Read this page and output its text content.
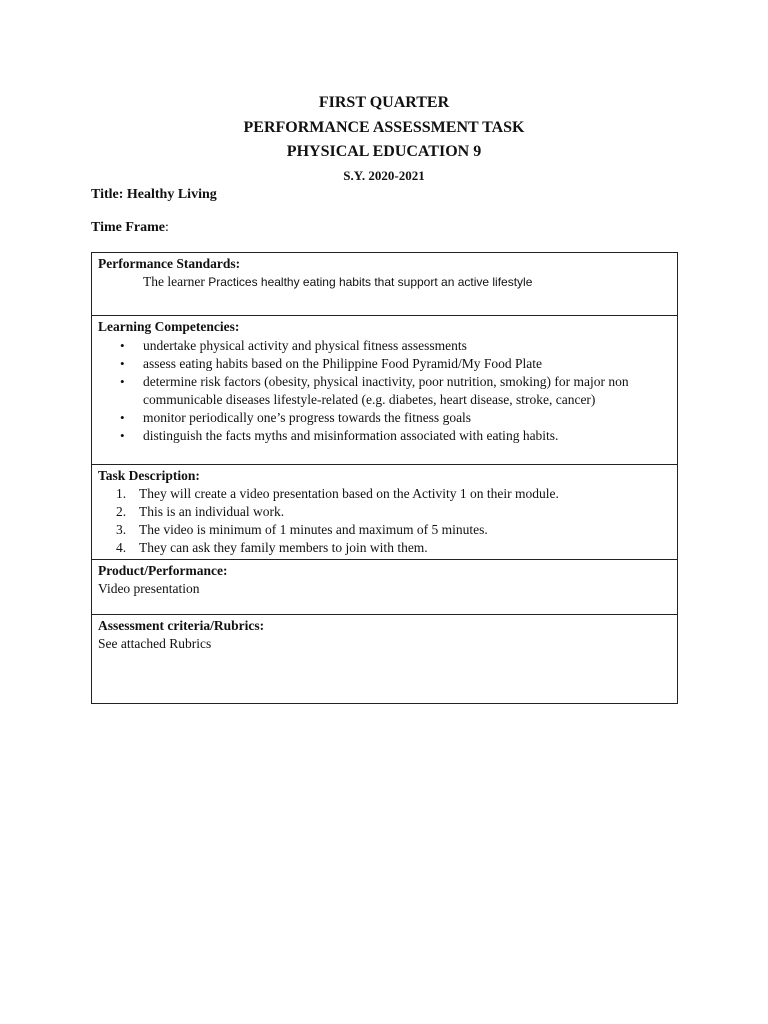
FIRST QUARTER
PERFORMANCE ASSESSMENT TASK
PHYSICAL EDUCATION 9
S.Y. 2020-2021
Title: Healthy Living
Time Frame:
Performance Standards:
The learner Practices healthy eating habits that support an active lifestyle

Learning Competencies:
• undertake physical activity and physical fitness assessments
• assess eating habits based on the Philippine Food Pyramid/My Food Plate
• determine risk factors (obesity, physical inactivity, poor nutrition, smoking) for major non communicable diseases lifestyle-related (e.g. diabetes, heart disease, stroke, cancer)
• monitor periodically one’s progress towards the fitness goals
• distinguish the facts myths and misinformation associated with eating habits.

Task Description:
1. They will create a video presentation based on the Activity 1 on their module.
2. This is an individual work.
3. The video is minimum of 1 minutes and maximum of 5 minutes.
4. They can ask they family members to join with them.

Product/Performance:
Video presentation

Assessment criteria/Rubrics:
See attached Rubrics
